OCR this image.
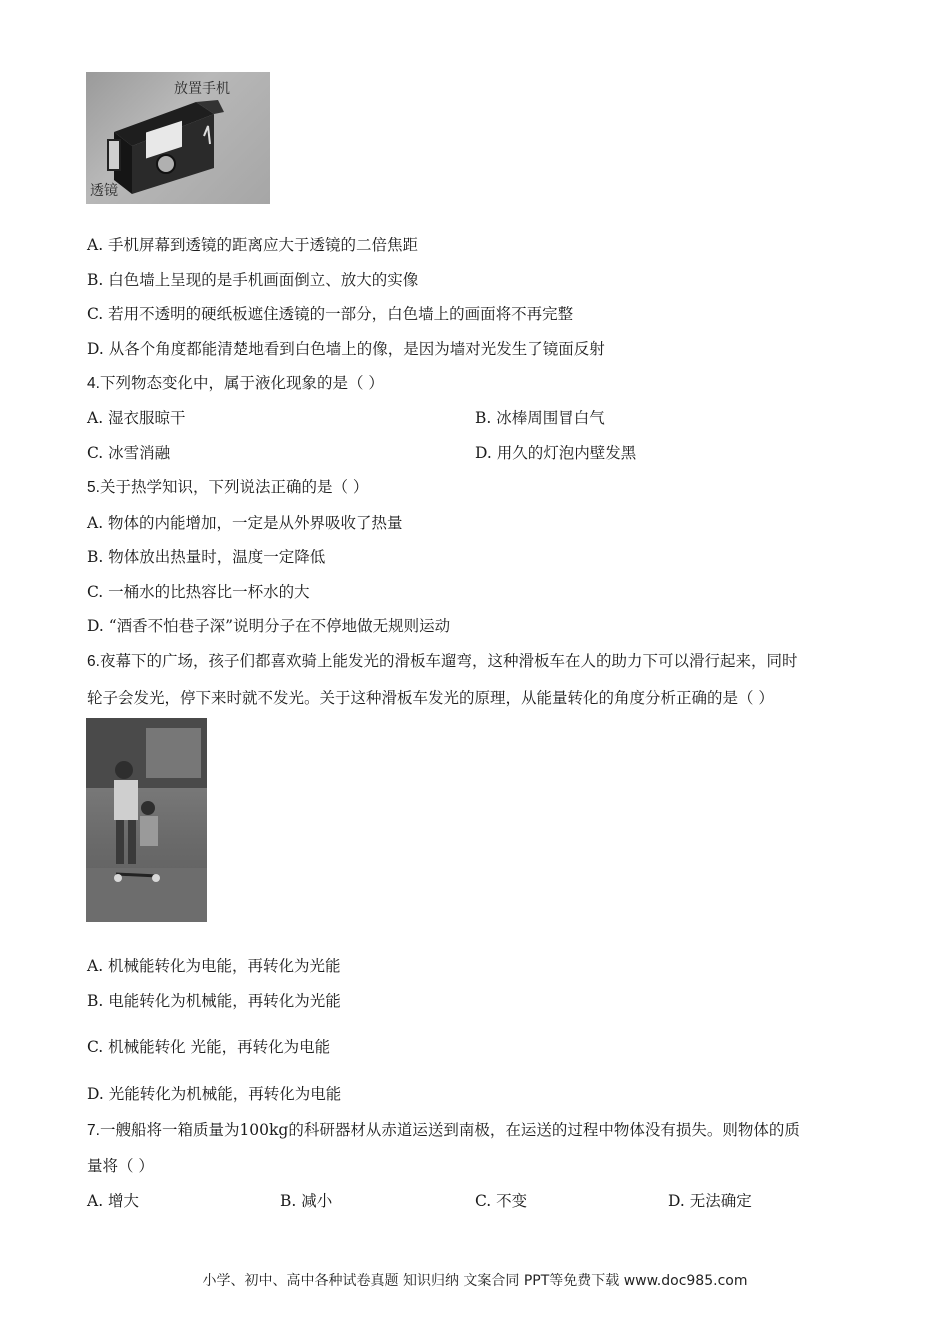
放置手机
透镜
A. 手机屏幕到透镜的距离应大于透镜的二倍焦距
B. 白色墙上呈现的是手机画面倒立、放大的实像
C. 若用不透明的硬纸板遮住透镜的一部分，白色墙上的画面将不再完整
D. 从各个角度都能清楚地看到白色墙上的像，是因为墙对光发生了镜面反射
4.下列物态变化中，属于液化现象的是（ ）
A. 湿衣服晾干	B. 冰棒周围冒白气
C. 冰雪消融	D. 用久的灯泡内壁发黑
5.关于热学知识，下列说法正确的是（ ）
A. 物体的内能增加，一定是从外界吸收了热量
B. 物体放出热量时，温度一定降低
C. 一桶水的比热容比一杯水的大
D. “酒香不怕巷子深”说明分子在不停地做无规则运动
6.夜幕下的广场，孩子们都喜欢骑上能发光的滑板车遛弯，这种滑板车在人的助力下可以滑行起来，同时
轮子会发光，停下来时就不发光。关于这种滑板车发光的原理，从能量转化的角度分析正确的是（ ）
A. 机械能转化为电能，再转化为光能
B. 电能转化为机械能，再转化为光能
C. 机械能转化 光能，再转化为电能
D. 光能转化为机械能，再转化为电能
7.一艘船将一箱质量为100kg的科研器材从赤道运送到南极，在运送的过程中物体没有损失。则物体的质
量将（ ）
A. 增大	B. 减小	C. 不变	D. 无法确定
小学、初中、高中各种试卷真题 知识归纳 文案合同 PPT等免费下载 www.doc985.com
